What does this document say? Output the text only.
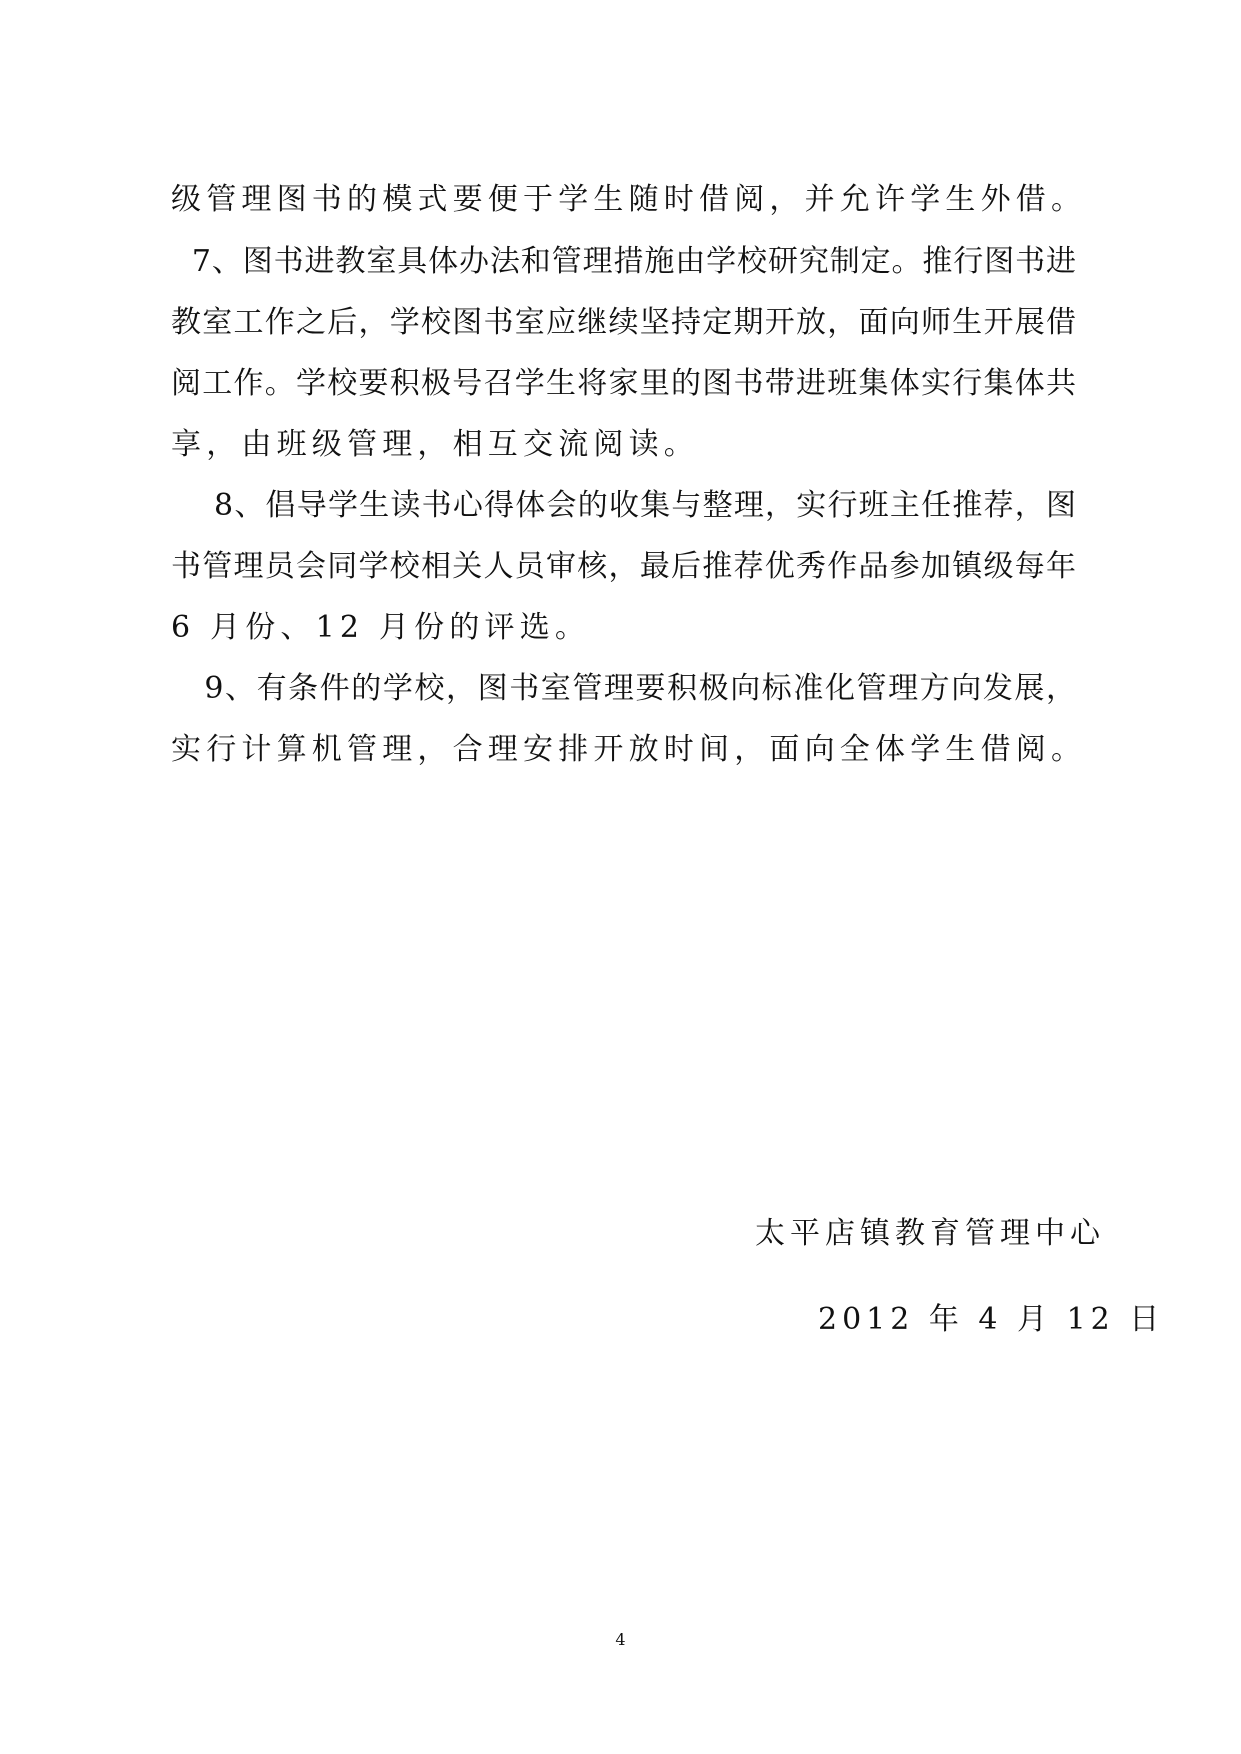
级管理图书的模式要便于学生随时借阅，并允许学生外借。
7、图书进教室具体办法和管理措施由学校研究制定。推行图书进
教室工作之后，学校图书室应继续坚持定期开放，面向师生开展借
阅工作。学校要积极号召学生将家里的图书带进班集体实行集体共
享，由班级管理，相互交流阅读。
8、倡导学生读书心得体会的收集与整理，实行班主任推荐，图
书管理员会同学校相关人员审核，最后推荐优秀作品参加镇级每年
6 月份、12 月份的评选。
9、有条件的学校，图书室管理要积极向标准化管理方向发展，
实行计算机管理，合理安排开放时间，面向全体学生借阅。
太平店镇教育管理中心
2012 年 4 月 12 日
4
